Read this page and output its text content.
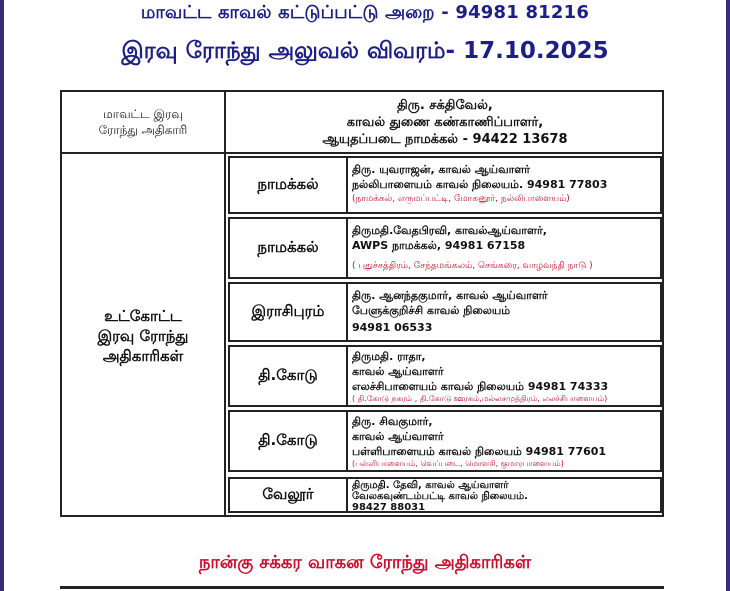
மாவட்ட காவல் கட்டுப்பட்டு அறை - 94981 81216
இரவு ரோந்து அலுவல் விவரம்- 17.10.2025
மாவட்ட இரவு
ரோந்து அதிகாரி
திரு. சக்திவேல்,
காவல் துணை கண்காணிப்பாளர்,
ஆயுதப்படை நாமக்கல் - 94422 13678
உட்கோட்ட
இரவு ரோந்து
அதிகாரிகள்
நாமக்கல்
திரு. யுவராஜன், காவல் ஆய்வாளர்
நல்லிபாளையம் காவல் நிலையம். 94981 77803
(நாமக்கல், எருமப்பட்டி, மோகனூர், நல்லிபாளையம்)
நாமக்கல்
திருமதி.வேதபிரவி, காவல்ஆய்வாளர்,
AWPS நாமக்கல், 94981 67158
( புதுச்சத்திரம், சேந்தமங்கலம், செங்கரை, வாழவந்தி நாடு )
இராசிபுரம்
திரு. ஆனந்தகுமார், காவல் ஆய்வாளர்
பேளுக்குறிச்சி காவல் நிலையம்
94981 06533
தி.கோடு
திருமதி. ராதா,
காவல் ஆய்வாளர்
எலச்சிபாளையம் காவல் நிலையம் 94981 74333
( தி.கோடு நகரம் , தி.கோடு ஊரகம்,மல்லசமுத்திரம், எலச்சிபாளையம்)
தி.கோடு
திரு. சிவகுமார்,
காவல் ஆய்வாளர்
பள்ளிபாளையம் காவல் நிலையம் 94981 77601
(பள்ளிபாளையம், வெப்படை, மொளசி, குமாரபாளையம்)
வேலூர்	திருமதி. தேவி, காவல் ஆய்வாளர்
வேலகவுண்டம்பட்டி காவல் நிலையம்.
98427 88031
நான்கு சக்கர வாகன ரோந்து அதிகாரிகள்
